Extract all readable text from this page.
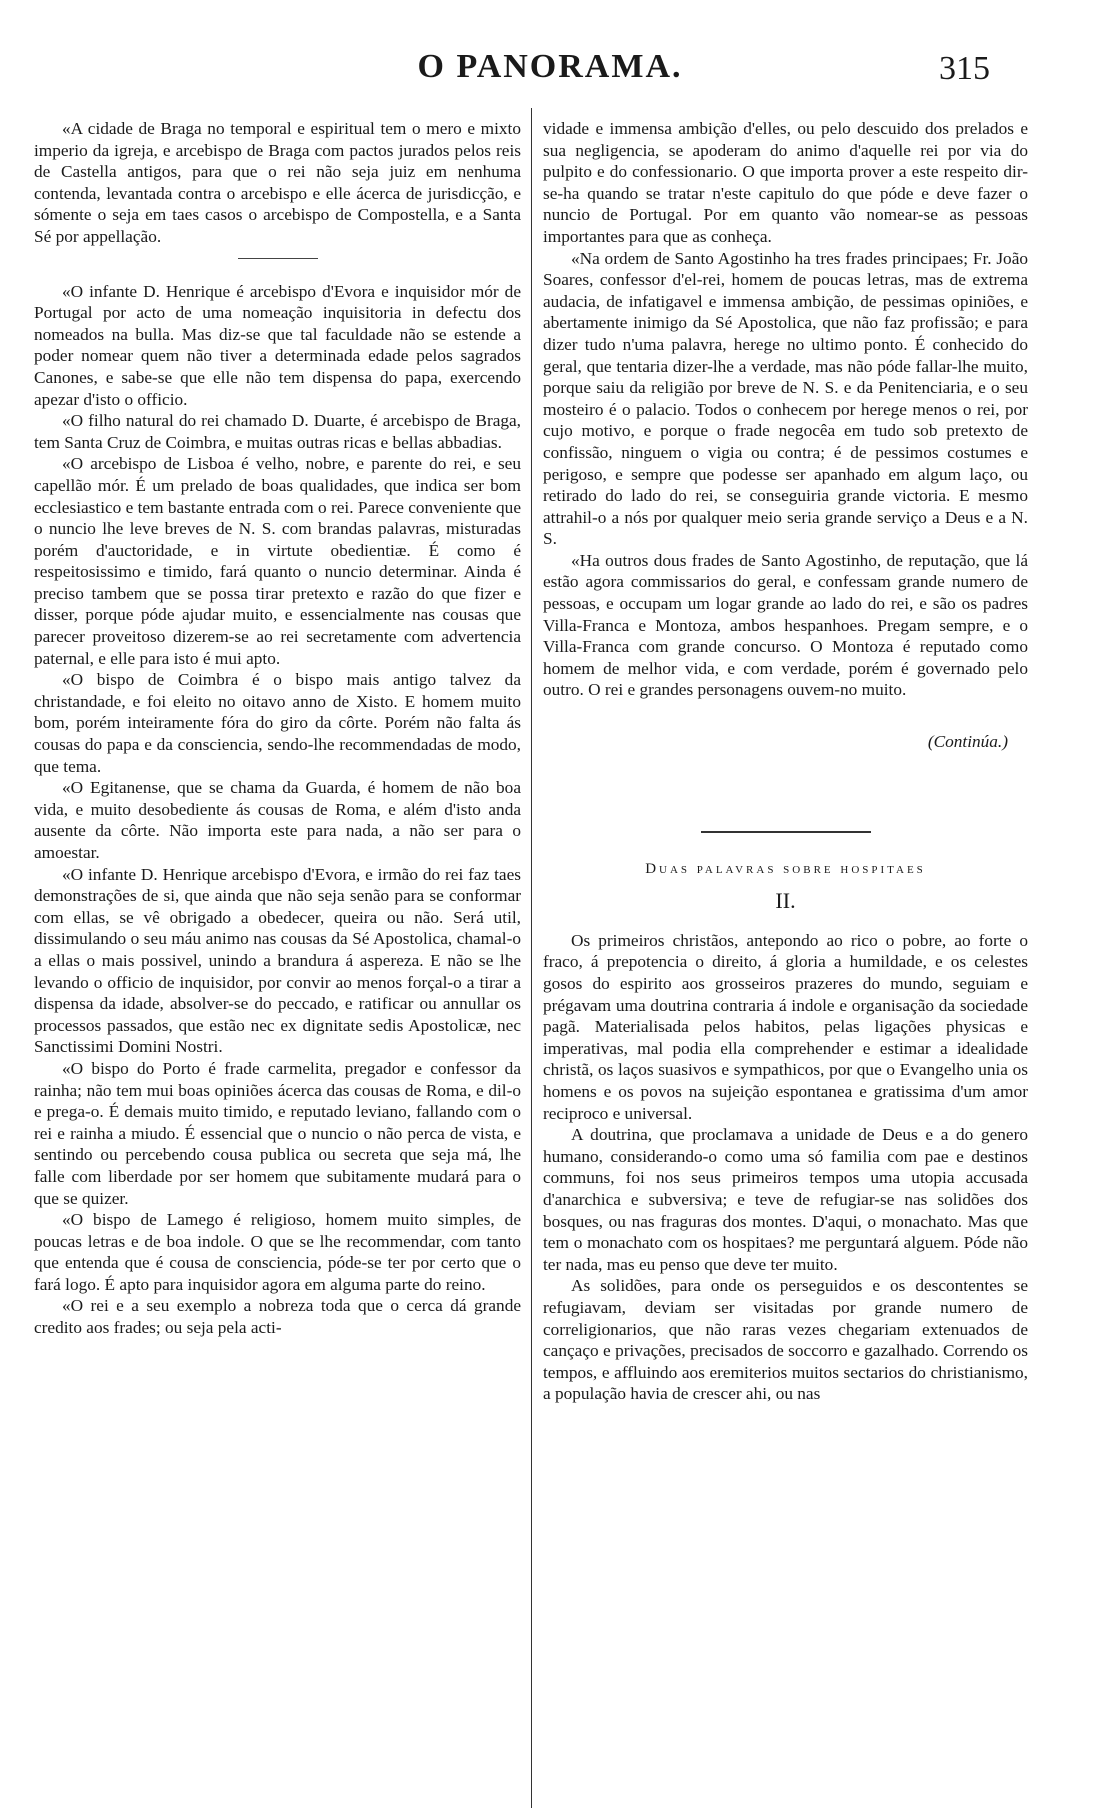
O PANORAMA.	315

«A cidade de Braga no temporal e espiritual tem o mero e mixto imperio da igreja, e arcebispo de Braga com pactos jurados pelos reis de Castella antigos, para que o rei não seja juiz em nenhuma contenda, levantada contra o arcebispo e elle ácerca de jurisdicção, e sómente o seja em taes casos o arcebispo de Compostella, e a Santa Sé por appellação.

«O infante D. Henrique é arcebispo d'Evora e inquisidor mór de Portugal por acto de uma nomeação inquisitoria in defectu dos nomeados na bulla. Mas diz-se que tal faculdade não se estende a poder nomear quem não tiver a determinada edade pelos sagrados Canones, e sabe-se que elle não tem dispensa do papa, exercendo apezar d'isto o officio.

«O filho natural do rei chamado D. Duarte, é arcebispo de Braga, tem Santa Cruz de Coimbra, e muitas outras ricas e bellas abbadias.

«O arcebispo de Lisboa é velho, nobre, e parente do rei, e seu capellão mór. É um prelado de boas qualidades, que indica ser bom ecclesiastico e tem bastante entrada com o rei. Parece conveniente que o nuncio lhe leve breves de N. S. com brandas palavras, misturadas porém d'auctoridade, e in virtute obedientiæ. É como é respeitosissimo e timido, fará quanto o nuncio determinar. Ainda é preciso tambem que se possa tirar pretexto e razão do que fizer e disser, porque póde ajudar muito, e essencialmente nas cousas que parecer proveitoso dizerem-se ao rei secretamente com advertencia paternal, e elle para isto é mui apto.

«O bispo de Coimbra é o bispo mais antigo talvez da christandade, e foi eleito no oitavo anno de Xisto. E homem muito bom, porém inteiramente fóra do giro da côrte. Porém não falta ás cousas do papa e da consciencia, sendo-lhe recommendadas de modo, que tema.

«O Egitanense, que se chama da Guarda, é homem de não boa vida, e muito desobediente ás cousas de Roma, e além d'isto anda ausente da côrte. Não importa este para nada, a não ser para o amoestar.

«O infante D. Henrique arcebispo d'Evora, e irmão do rei faz taes demonstrações de si, que ainda que não seja senão para se conformar com ellas, se vê obrigado a obedecer, queira ou não. Será util, dissimulando o seu máu animo nas cousas da Sé Apostolica, chamal-o a ellas o mais possivel, unindo a brandura á aspereza. E não se lhe levando o officio de inquisidor, por convir ao menos forçal-o a tirar a dispensa da idade, absolver-se do peccado, e ratificar ou annullar os processos passados, que estão nec ex dignitate sedis Apostolicæ, nec Sanctissimi Domini Nostri.

«O bispo do Porto é frade carmelita, pregador e confessor da rainha; não tem mui boas opiniões ácerca das cousas de Roma, e dil-o e prega-o. É demais muito timido, e reputado leviano, fallando com o rei e rainha a miudo. É essencial que o nuncio o não perca de vista, e sentindo ou percebendo cousa publica ou secreta que seja má, lhe falle com liberdade por ser homem que subitamente mudará para o que se quizer.

«O bispo de Lamego é religioso, homem muito simples, de poucas letras e de boa indole. O que se lhe recommendar, com tanto que entenda que é cousa de consciencia, póde-se ter por certo que o fará logo. É apto para inquisidor agora em alguma parte do reino.

«O rei e a seu exemplo a nobreza toda que o cerca dá grande credito aos frades; ou seja pela acti-

vidade e immensa ambição d'elles, ou pelo descuido dos prelados e sua negligencia, se apoderam do animo d'aquelle rei por via do pulpito e do confessionario. O que importa prover a este respeito dir-se-ha quando se tratar n'este capitulo do que póde e deve fazer o nuncio de Portugal. Por em quanto vão nomear-se as pessoas importantes para que as conheça.

«Na ordem de Santo Agostinho ha tres frades principaes; Fr. João Soares, confessor d'el-rei, homem de poucas letras, mas de extrema audacia, de infatigavel e immensa ambição, de pessimas opiniões, e abertamente inimigo da Sé Apostolica, que não faz profissão; e para dizer tudo n'uma palavra, herege no ultimo ponto. É conhecido do geral, que tentaria dizer-lhe a verdade, mas não póde fallar-lhe muito, porque saiu da religião por breve de N. S. e da Penitenciaria, e o seu mosteiro é o palacio. Todos o conhecem por herege menos o rei, por cujo motivo, e porque o frade negocêa em tudo sob pretexto de confissão, ninguem o vigia ou contra; é de pessimos costumes e perigoso, e sempre que podesse ser apanhado em algum laço, ou retirado do lado do rei, se conseguiria grande victoria. E mesmo attrahil-o a nós por qualquer meio seria grande serviço a Deus e a N. S.

«Ha outros dous frades de Santo Agostinho, de reputação, que lá estão agora commissarios do geral, e confessam grande numero de pessoas, e occupam um logar grande ao lado do rei, e são os padres Villa-Franca e Montoza, ambos hespanhoes. Pregam sempre, e o Villa-Franca com grande concurso. O Montoza é reputado como homem de melhor vida, e com verdade, porém é governado pelo outro. O rei e grandes personagens ouvem-no muito.

(Continúa.)

Duas palavras sobre hospitaes

II.

Os primeiros christãos, antepondo ao rico o pobre, ao forte o fraco, á prepotencia o direito, á gloria a humildade, e os celestes gosos do espirito aos grosseiros prazeres do mundo, seguiam e prégavam uma doutrina contraria á indole e organisação da sociedade pagã. Materialisada pelos habitos, pelas ligações physicas e imperativas, mal podia ella comprehender e estimar a idealidade christã, os laços suasivos e sympathicos, por que o Evangelho unia os homens e os povos na sujeição espontanea e gratissima d'um amor reciproco e universal.

A doutrina, que proclamava a unidade de Deus e a do genero humano, considerando-o como uma só familia com pae e destinos communs, foi nos seus primeiros tempos uma utopia accusada d'anarchica e subversiva; e teve de refugiar-se nas solidões dos bosques, ou nas fraguras dos montes. D'aqui, o monachato. Mas que tem o monachato com os hospitaes? me perguntará alguem. Póde não ter nada, mas eu penso que deve ter muito.

As solidões, para onde os perseguidos e os descontentes se refugiavam, deviam ser visitadas por grande numero de correligionarios, que não raras vezes chegariam extenuados de cançaço e privações, precisados de soccorro e gazalhado. Correndo os tempos, e affluindo aos eremiterios muitos sectarios do christianismo, a população havia de crescer ahi, ou nas
